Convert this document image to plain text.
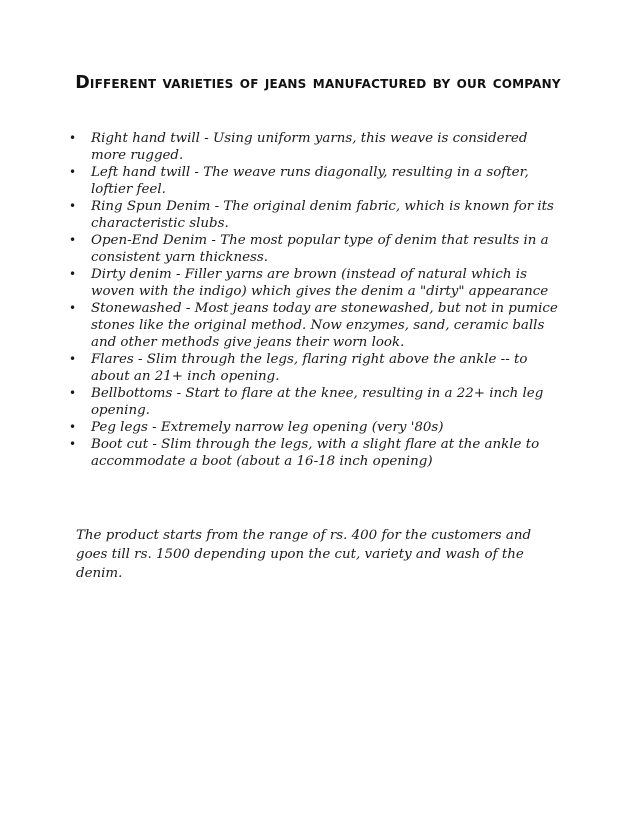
Different varieties of jeans manufactured by our company
• Right hand twill - Using uniform yarns, this weave is considered more rugged.
• Left hand twill - The weave runs diagonally, resulting in a softer, loftier feel.
• Ring Spun Denim - The original denim fabric, which is known for its characteristic slubs.
• Open-End Denim - The most popular type of denim that results in a consistent yarn thickness.
• Dirty denim - Filler yarns are brown (instead of natural which is woven with the indigo) which gives the denim a "dirty" appearance
• Stonewashed - Most jeans today are stonewashed, but not in pumice stones like the original method. Now enzymes, sand, ceramic balls and other methods give jeans their worn look.
• Flares - Slim through the legs, flaring right above the ankle -- to about an 21+ inch opening.
• Bellbottoms - Start to flare at the knee, resulting in a 22+ inch leg opening.
• Peg legs - Extremely narrow leg opening (very '80s)
• Boot cut - Slim through the legs, with a slight flare at the ankle to accommodate a boot (about a 16-18 inch opening)

The product starts from the range of rs. 400 for the customers and goes till rs. 1500 depending upon the cut, variety and wash of the denim.
